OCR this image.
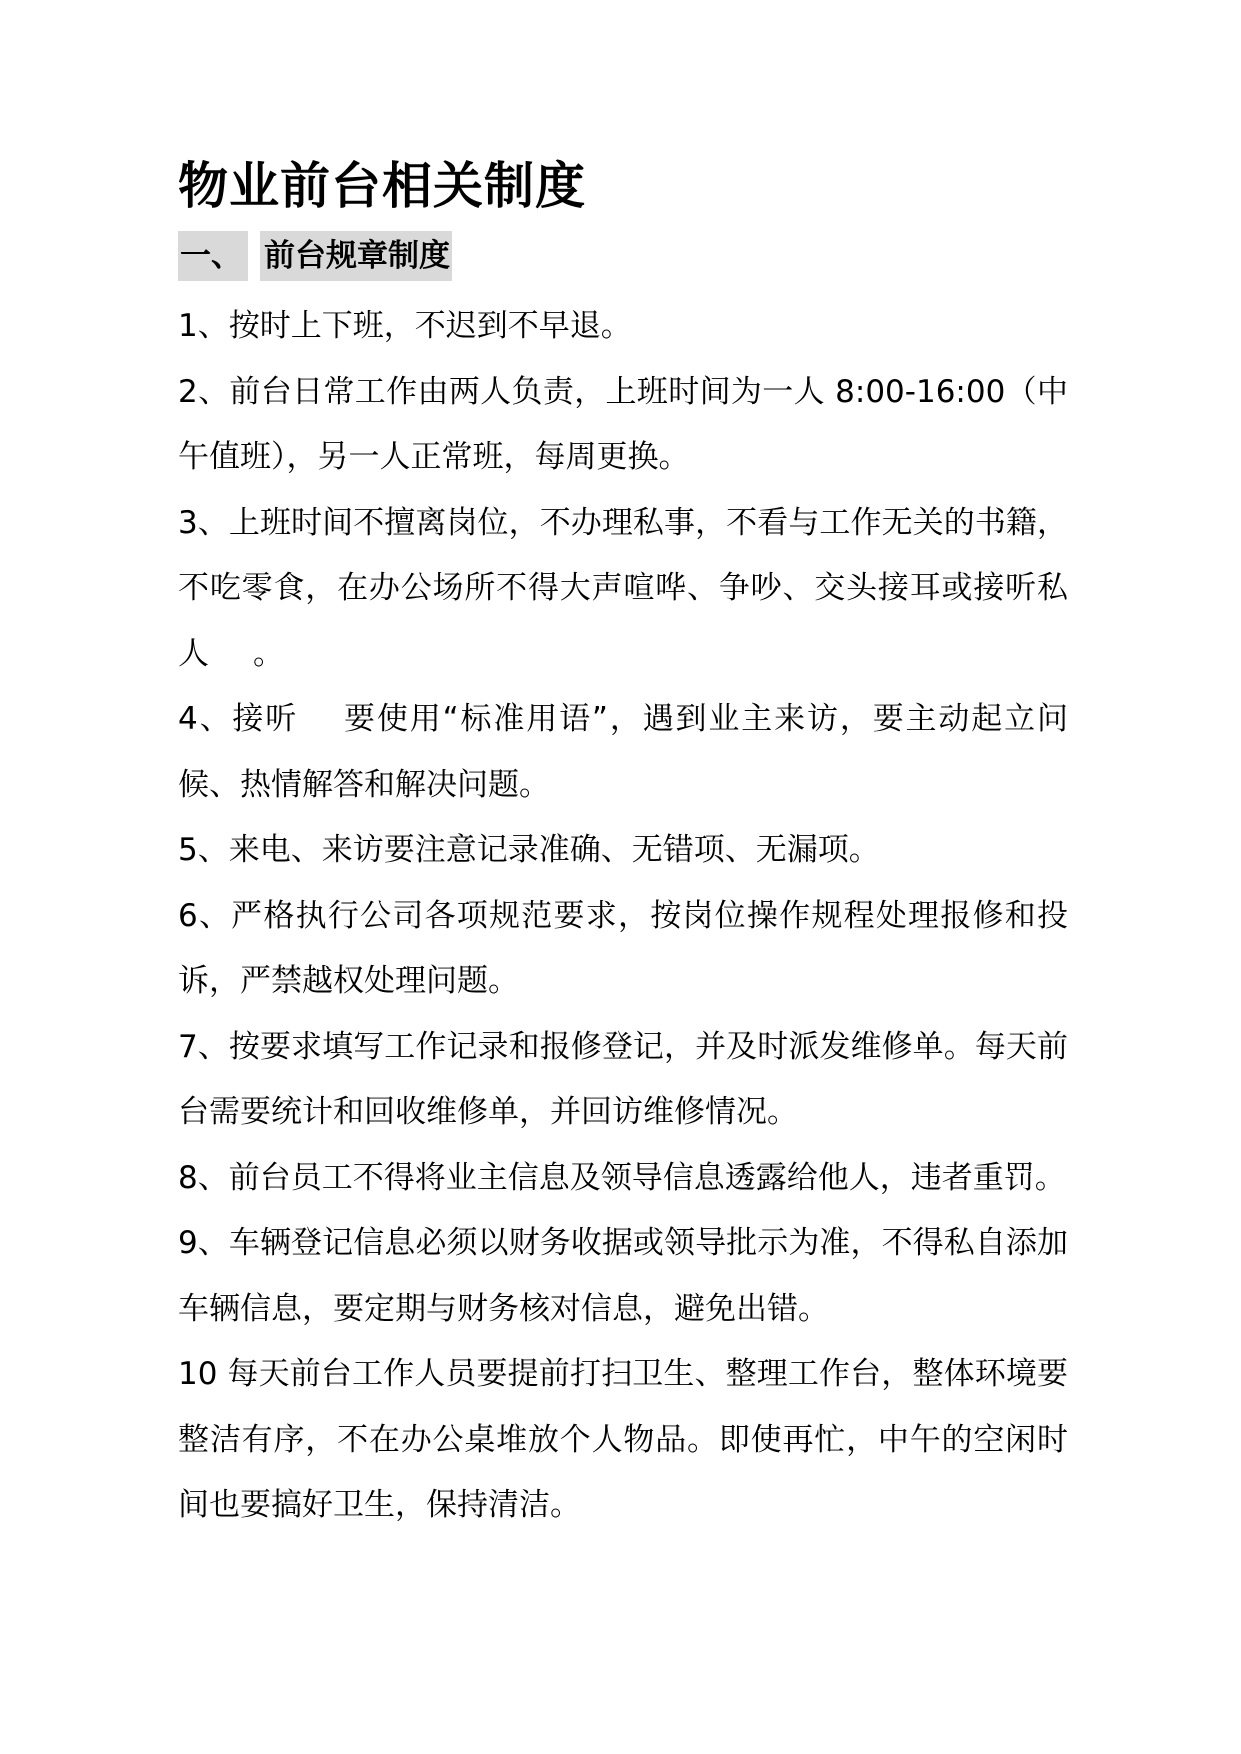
物业前台相关制度
一、 前台规章制度

1、按时上下班，不迟到不早退。

2、前台日常工作由两人负责，上班时间为一人 8:00-16:00（中午值班），另一人正常班，每周更换。

3、上班时间不擅离岗位，不办理私事，不看与工作无关的书籍，不吃零食，在办公场所不得大声喧哗、争吵、交头接耳或接听私人 。

4、接听 要使用“标准用语”，遇到业主来访，要主动起立问候、热情解答和解决问题。

5、来电、来访要注意记录准确、无错项、无漏项。

6、严格执行公司各项规范要求，按岗位操作规程处理报修和投诉，严禁越权处理问题。

7、按要求填写工作记录和报修登记，并及时派发维修单。每天前台需要统计和回收维修单，并回访维修情况。

8、前台员工不得将业主信息及领导信息透露给他人，违者重罚。

9、车辆登记信息必须以财务收据或领导批示为准，不得私自添加车辆信息，要定期与财务核对信息，避免出错。

10 每天前台工作人员要提前打扫卫生、整理工作台，整体环境要整洁有序，不在办公桌堆放个人物品。即使再忙，中午的空闲时间也要搞好卫生，保持清洁。
